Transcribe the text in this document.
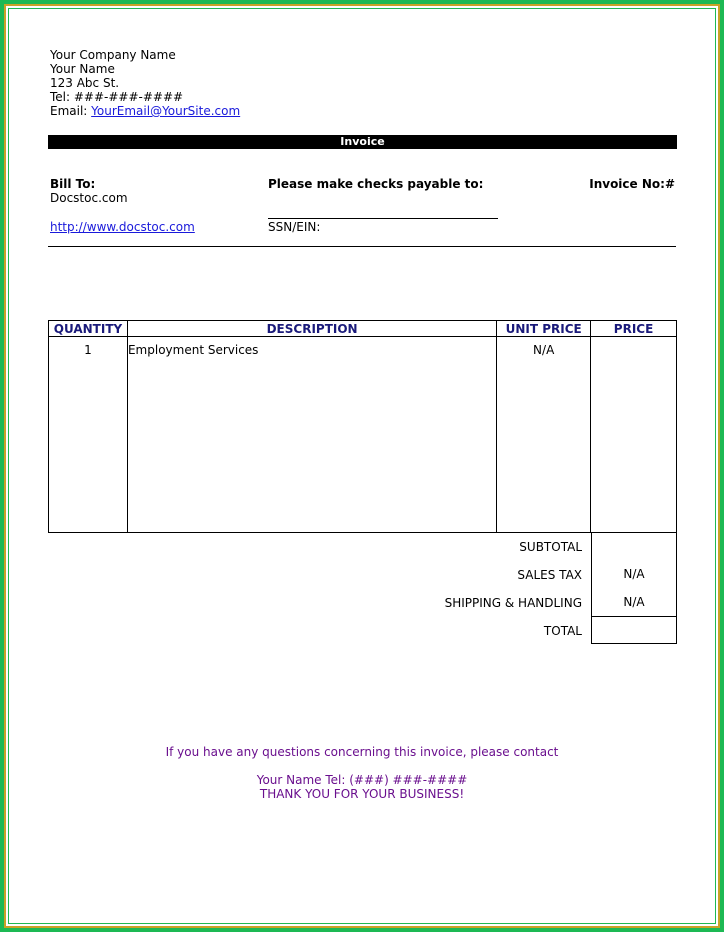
Your Company Name
Your Name
123 Abc St.
Tel: ###-###-####
Email: YourEmail@YourSite.com
Invoice
Bill To:
Docstoc.com
http://www.docstoc.com
Please make checks payable to:
SSN/EIN:
Invoice No:#
QUANTITY	DESCRIPTION	UNIT PRICE	PRICE
1	Employment Services	N/A	
SUBTOTAL
SALES TAX	N/A
SHIPPING & HANDLING	N/A
TOTAL
If you have any questions concerning this invoice, please contact
Your Name Tel: (###) ###-####
THANK YOU FOR YOUR BUSINESS!
